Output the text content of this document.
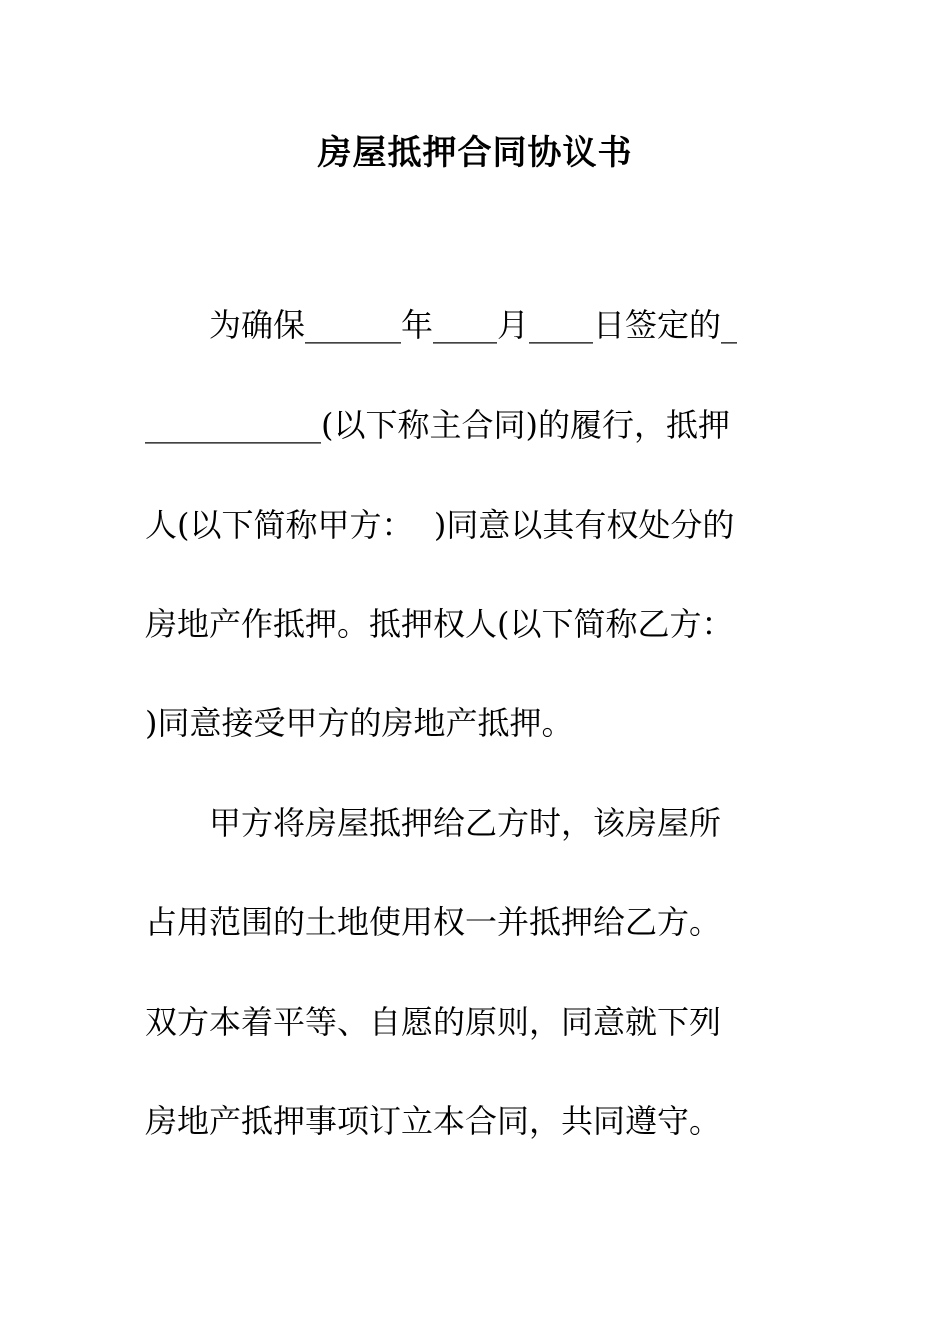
房屋抵押合同协议书

　　为确保______年____月____日签定的_

___________(以下称主合同)的履行，抵押

人(以下简称甲方：  )同意以其有权处分的

房地产作抵押。抵押权人(以下简称乙方：

)同意接受甲方的房地产抵押。

　　甲方将房屋抵押给乙方时，该房屋所

占用范围的土地使用权一并抵押给乙方。

双方本着平等、自愿的原则，同意就下列

房地产抵押事项订立本合同，共同遵守。
